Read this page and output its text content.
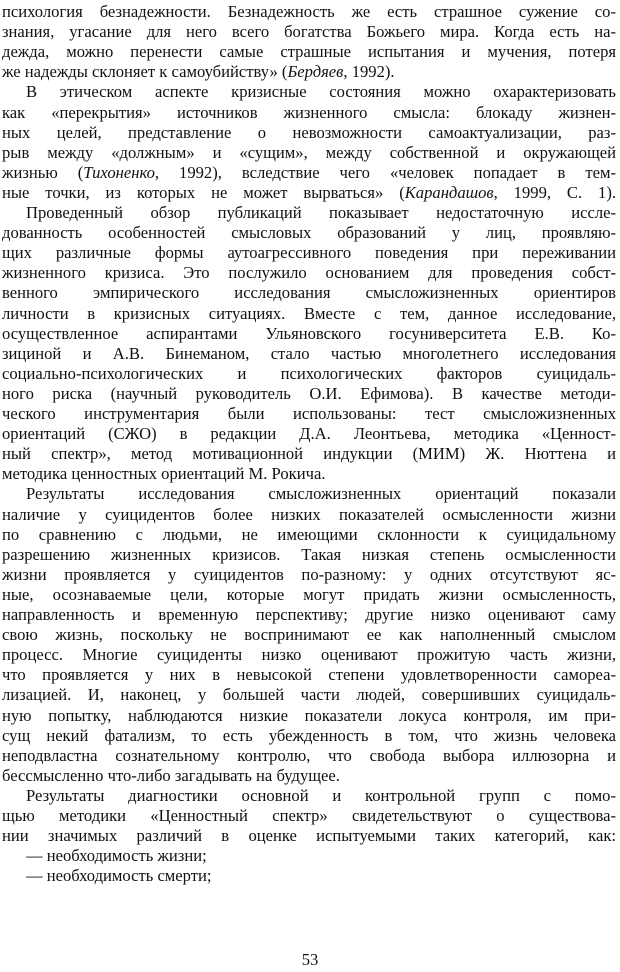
психология безнадежности. Безнадежность же есть страшное сужение со-
знания, угасание для него всего богатства Божьего мира. Когда есть на-
дежда, можно перенести самые страшные испытания и мучения, потеря
же надежды склоняет к самоубийству» (Бердяев, 1992).
В этическом аспекте кризисные состояния можно охарактеризовать
как «перекрытия» источников жизненного смысла: блокаду жизнен-
ных целей, представление о невозможности самоактуализации, раз-
рыв между «должным» и «сущим», между собственной и окружающей
жизнью (Тихоненко, 1992), вследствие чего «человек попадает в тем-
ные точки, из которых не может вырваться» (Карандашов, 1999, С. 1).
Проведенный обзор публикаций показывает недостаточную иссле-
дованность особенностей смысловых образований у лиц, проявляю-
щих различные формы аутоагрессивного поведения при переживании
жизненного кризиса. Это послужило основанием для проведения собст-
венного эмпирического исследования смысложизненных ориентиров
личности в кризисных ситуациях. Вместе с тем, данное исследование,
осуществленное аспирантами Ульяновского госуниверситета Е.В. Ко-
зициной и А.В. Бинеманом, стало частью многолетнего исследования
социально-психологических и психологических факторов суицидаль-
ного риска (научный руководитель О.И. Ефимова). В качестве методи-
ческого инструментария были использованы: тест смысложизненных
ориентаций (СЖО) в редакции Д.А. Леонтьева, методика «Ценност-
ный спектр», метод мотивационной индукции (МИМ) Ж. Нюттена и
методика ценностных ориентаций М. Рокича.
Результаты исследования смысложизненных ориентаций показали
наличие у суицидентов более низких показателей осмысленности жизни
по сравнению с людьми, не имеющими склонности к суицидальному
разрешению жизненных кризисов. Такая низкая степень осмысленности
жизни проявляется у суицидентов по-разному: у одних отсутствуют яс-
ные, осознаваемые цели, которые могут придать жизни осмысленность,
направленность и временную перспективу; другие низко оценивают саму
свою жизнь, поскольку не воспринимают ее как наполненный смыслом
процесс. Многие суициденты низко оценивают прожитую часть жизни,
что проявляется у них в невысокой степени удовлетворенности самореа-
лизацией. И, наконец, у большей части людей, совершивших суицидаль-
ную попытку, наблюдаются низкие показатели локуса контроля, им при-
сущ некий фатализм, то есть убежденность в том, что жизнь человека
неподвластна сознательному контролю, что свобода выбора иллюзорна и
бессмысленно что-либо загадывать на будущее.
Результаты диагностики основной и контрольной групп с помо-
щью методики «Ценностный спектр» свидетельствуют о существова-
нии значимых различий в оценке испытуемыми таких категорий, как:
— необходимость жизни;
— необходимость смерти;
53
